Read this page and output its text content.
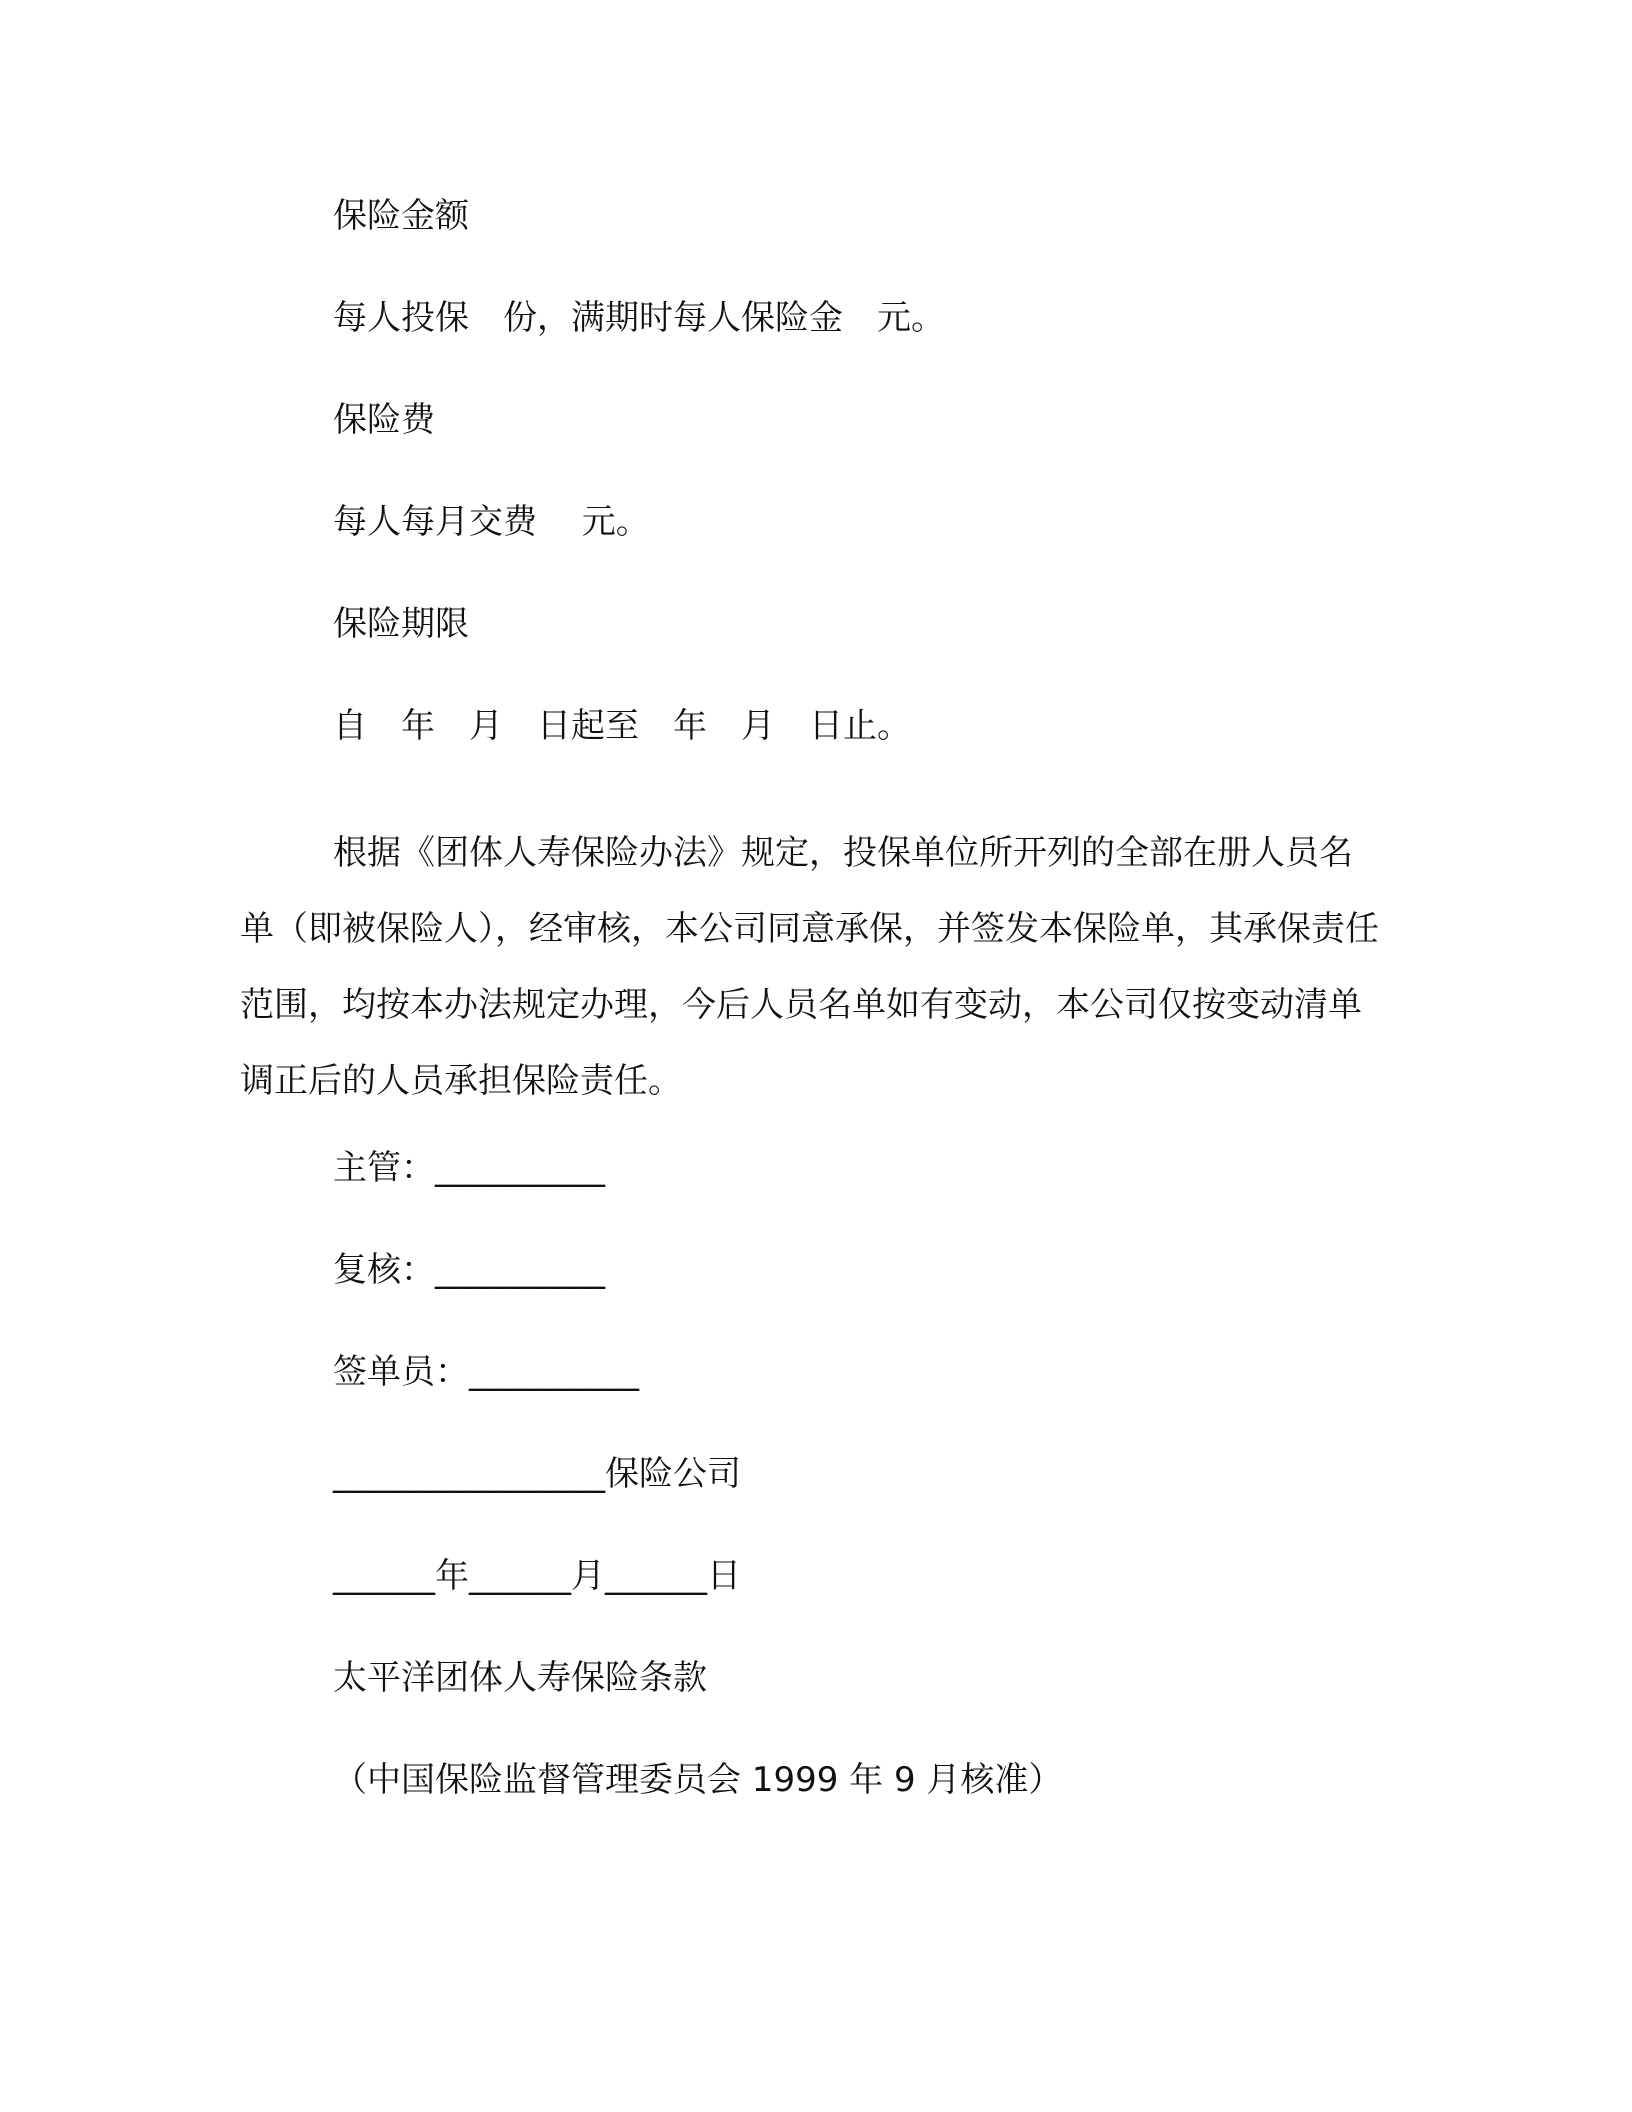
保险金额

每人投保　份，满期时每人保险金　元。

保险费

每人每月交费　 元。

保险期限

自　年　月　日起至　年　月　日止。

根据《团体人寿保险办法》规定，投保单位所开列的全部在册人员名单（即被保险人），经审核，本公司同意承保，并签发本保险单，其承保责任范围，均按本办法规定办理，今后人员名单如有变动，本公司仅按变动清单调正后的人员承担保险责任。

主管：__________

复核：__________

签单员：__________

________________保险公司

______年______月______日

太平洋团体人寿保险条款

（中国保险监督管理委员会 1999 年 9 月核准）
